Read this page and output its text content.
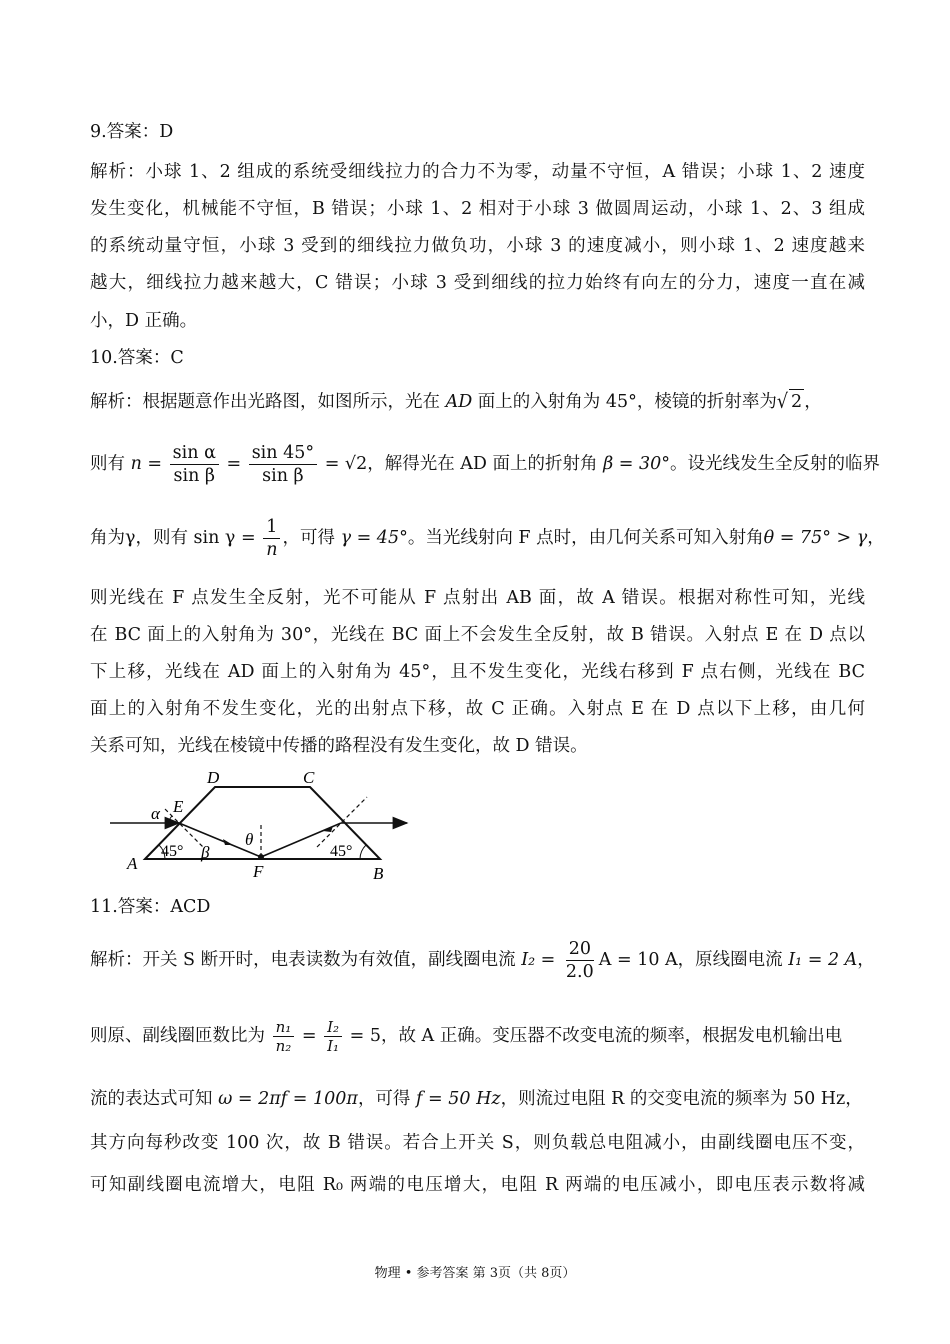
9.答案：D
解析：小球 1、2 组成的系统受细线拉力的合力不为零，动量不守恒，A 错误；小球 1、2 速度
发生变化，机械能不守恒，B 错误；小球 1、2 相对于小球 3 做圆周运动，小球 1、2、3 组成
的系统动量守恒，小球 3 受到的细线拉力做负功，小球 3 的速度减小，则小球 1、2 速度越来
越大，细线拉力越来越大，C 错误；小球 3 受到细线的拉力始终有向左的分力，速度一直在减
小，D 正确。
10.答案：C
解析：根据题意作出光路图，如图所示，光在 AD 面上的入射角为 45°，棱镜的折射率为√ 2 ，
则有 $n = \frac{\text{sin α}}{\text{sin β}} = \frac{\sin 45^\circ}{\text{sin β}} = √2$，解得光在 AD 面上的折射角 β = 30°。设光线发生全反射的临界
角为γ，则有 $\sin \gamma = \frac{1}{n}$ ，可得 γ = 45°。当光线射向 F 点时，由几何关系可知入射角θ = 75° > γ，
则光线在 F 点发生全反射，光不可能从 F 点射出 AB 面，故 A 错误。根据对称性可知，光线
在 BC 面上的入射角为 30°，光线在 BC 面上不会发生全反射，故 B 错误。入射点 E 在 D 点以
下上移，光线在 AD 面上的入射角为 45°，且不发生变化，光线右移到 F 点右侧，光线在 BC
面上的入射角不发生变化，光的出射点下移，故 C 正确。入射点 E 在 D 点以下上移，由几何
关系可知，光线在棱镜中传播的路程没有发生变化，故 D 错误。
A
B
C
D
E
F
α
β
θ
45°	45°
11.答案：ACD
解析：开关 S 断开时，电表读数为有效值，副线圈电流 $I_2 = \frac{20}{2.0}$ A = 10 A，原线圈电流 I₁ = 2 A，
则原、副线圈匝数比为 $\frac{\text{n₁}}{\text{n₂}} = \frac{\text{I₂}}{\text{I₁}} = 5$，故 A 正确。变压器不改变电流的频率，根据发电机输出电
流的表达式可知 ω = 2πf = 100π，可得 f = 50 Hz，则流过电阻 R 的交变电流的频率为 50 Hz，
其方向每秒改变 100 次，故 B 错误。若合上开关 S，则负载总电阻减小，由副线圈电压不变，
可知副线圈电流增大，电阻 R₀ 两端的电压增大，电阻 R 两端的电压减小，即电压表示数将减
物理 • 参考答案 第 3页（共 8页）
